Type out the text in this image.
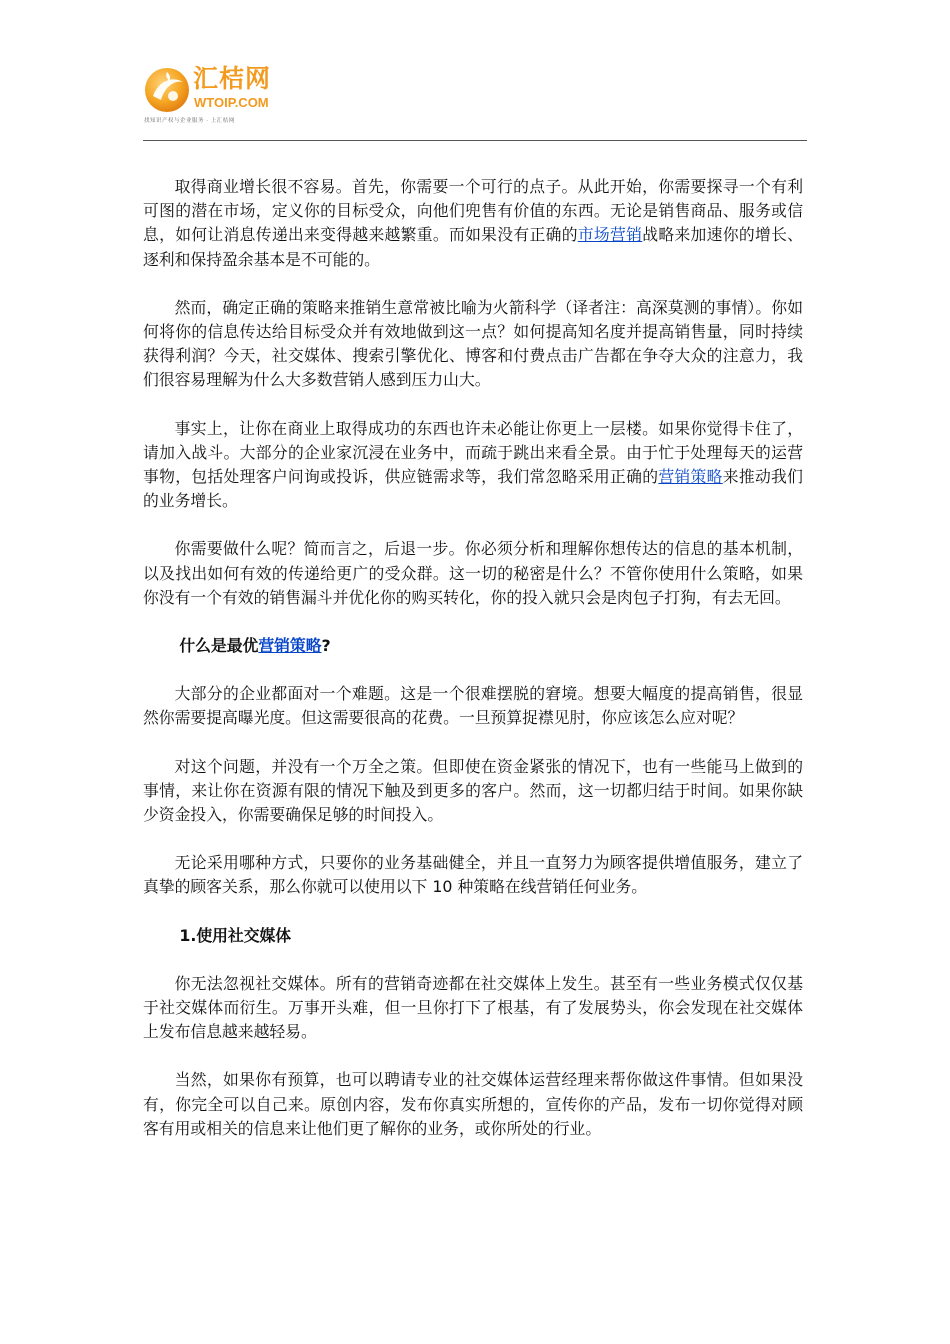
汇桔网
WTOIP.COM
找知识产权与企业服务 · 上汇桔网

取得商业增长很不容易。首先，你需要一个可行的点子。从此开始，你需要探寻一个有利可图的潜在市场，定义你的目标受众，向他们兜售有价值的东西。无论是销售商品、服务或信息，如何让消息传递出来变得越来越繁重。而如果没有正确的市场营销战略来加速你的增长、逐利和保持盈余基本是不可能的。

然而，确定正确的策略来推销生意常被比喻为火箭科学（译者注：高深莫测的事情）。你如何将你的信息传达给目标受众并有效地做到这一点？如何提高知名度并提高销售量，同时持续获得利润？今天，社交媒体、搜索引擎优化、博客和付费点击广告都在争夺大众的注意力，我们很容易理解为什么大多数营销人感到压力山大。

事实上，让你在商业上取得成功的东西也许未必能让你更上一层楼。如果你觉得卡住了，请加入战斗。大部分的企业家沉浸在业务中，而疏于跳出来看全景。由于忙于处理每天的运营事物，包括处理客户问询或投诉，供应链需求等，我们常忽略采用正确的营销策略来推动我们的业务增长。

你需要做什么呢？简而言之，后退一步。你必须分析和理解你想传达的信息的基本机制，以及找出如何有效的传递给更广的受众群。这一切的秘密是什么？不管你使用什么策略，如果你没有一个有效的销售漏斗并优化你的购买转化，你的投入就只会是肉包子打狗，有去无回。

什么是最优营销策略?

大部分的企业都面对一个难题。这是一个很难摆脱的窘境。想要大幅度的提高销售，很显然你需要提高曝光度。但这需要很高的花费。一旦预算捉襟见肘，你应该怎么应对呢？

对这个问题，并没有一个万全之策。但即使在资金紧张的情况下，也有一些能马上做到的事情，来让你在资源有限的情况下触及到更多的客户。然而，这一切都归结于时间。如果你缺少资金投入，你需要确保足够的时间投入。

无论采用哪种方式，只要你的业务基础健全，并且一直努力为顾客提供增值服务，建立了真挚的顾客关系，那么你就可以使用以下 10 种策略在线营销任何业务。

1.使用社交媒体

你无法忽视社交媒体。所有的营销奇迹都在社交媒体上发生。甚至有一些业务模式仅仅基于社交媒体而衍生。万事开头难，但一旦你打下了根基，有了发展势头，你会发现在社交媒体上发布信息越来越轻易。

当然，如果你有预算，也可以聘请专业的社交媒体运营经理来帮你做这件事情。但如果没有，你完全可以自己来。原创内容，发布你真实所想的，宣传你的产品，发布一切你觉得对顾客有用或相关的信息来让他们更了解你的业务，或你所处的行业。
